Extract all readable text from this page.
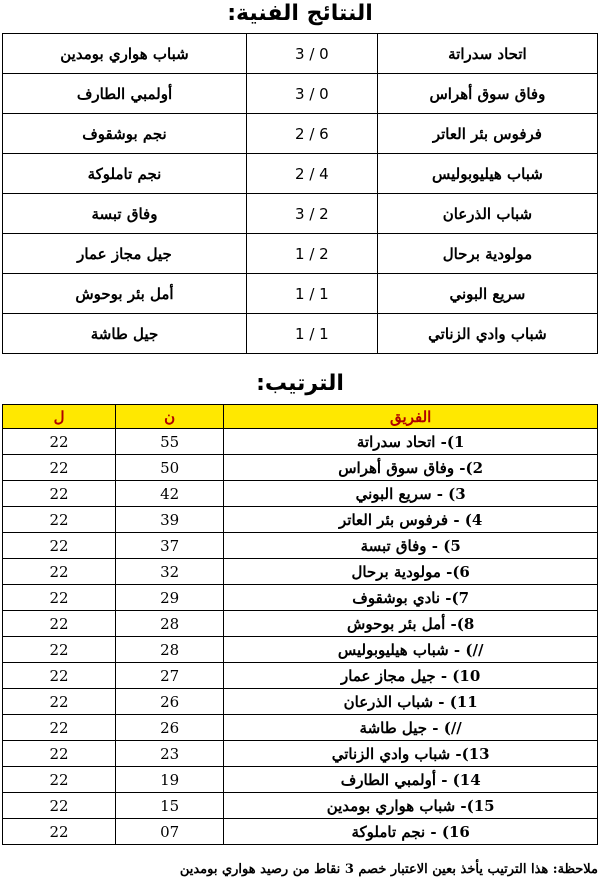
النتائج الفنية:
شباب هواري بومدين	3 / 0	اتحاد سدراتة
أولمبي الطارف	3 / 0	وفاق سوق أهراس
نجم بوشقوف	2 / 6	فرفوس بئر العاتر
نجم تاملوكة	2 / 4	شباب هيليوبوليس
وفاق تبسة	3 / 2	شباب الذرعان
جيل مجاز عمار	1 / 2	مولودية برحال
أمل بئر بوحوش	1 / 1	سريع البوني
جيل طاشة	1 / 1	شباب وادي الزناتي
الترتيب:
ل	ن	الفريق
22	55	1)- اتحاد سدراتة
22	50	2)- وفاق سوق أهراس
22	42	3) - سريع البوني
22	39	4) - فرفوس بئر العاتر
22	37	5) - وفاق تبسة
22	32	6)- مولودية برحال
22	29	7)- نادي بوشقوف
22	28	8)- أمل بئر بوحوش
22	28	//) - شباب هيليوبوليس
22	27	10) - جيل مجاز عمار
22	26	11) - شباب الذرعان
22	26	//) - جيل طاشة
22	23	13)- شباب وادي الزناتي
22	19	14) - أولمبي الطارف
22	15	15)- شباب هواري بومدين
22	07	16) - نجم تاملوكة
ملاحظة: هذا الترتيب يأخذ بعين الاعتبار خصم 3 نقاط من رصيد هواري بومدين
